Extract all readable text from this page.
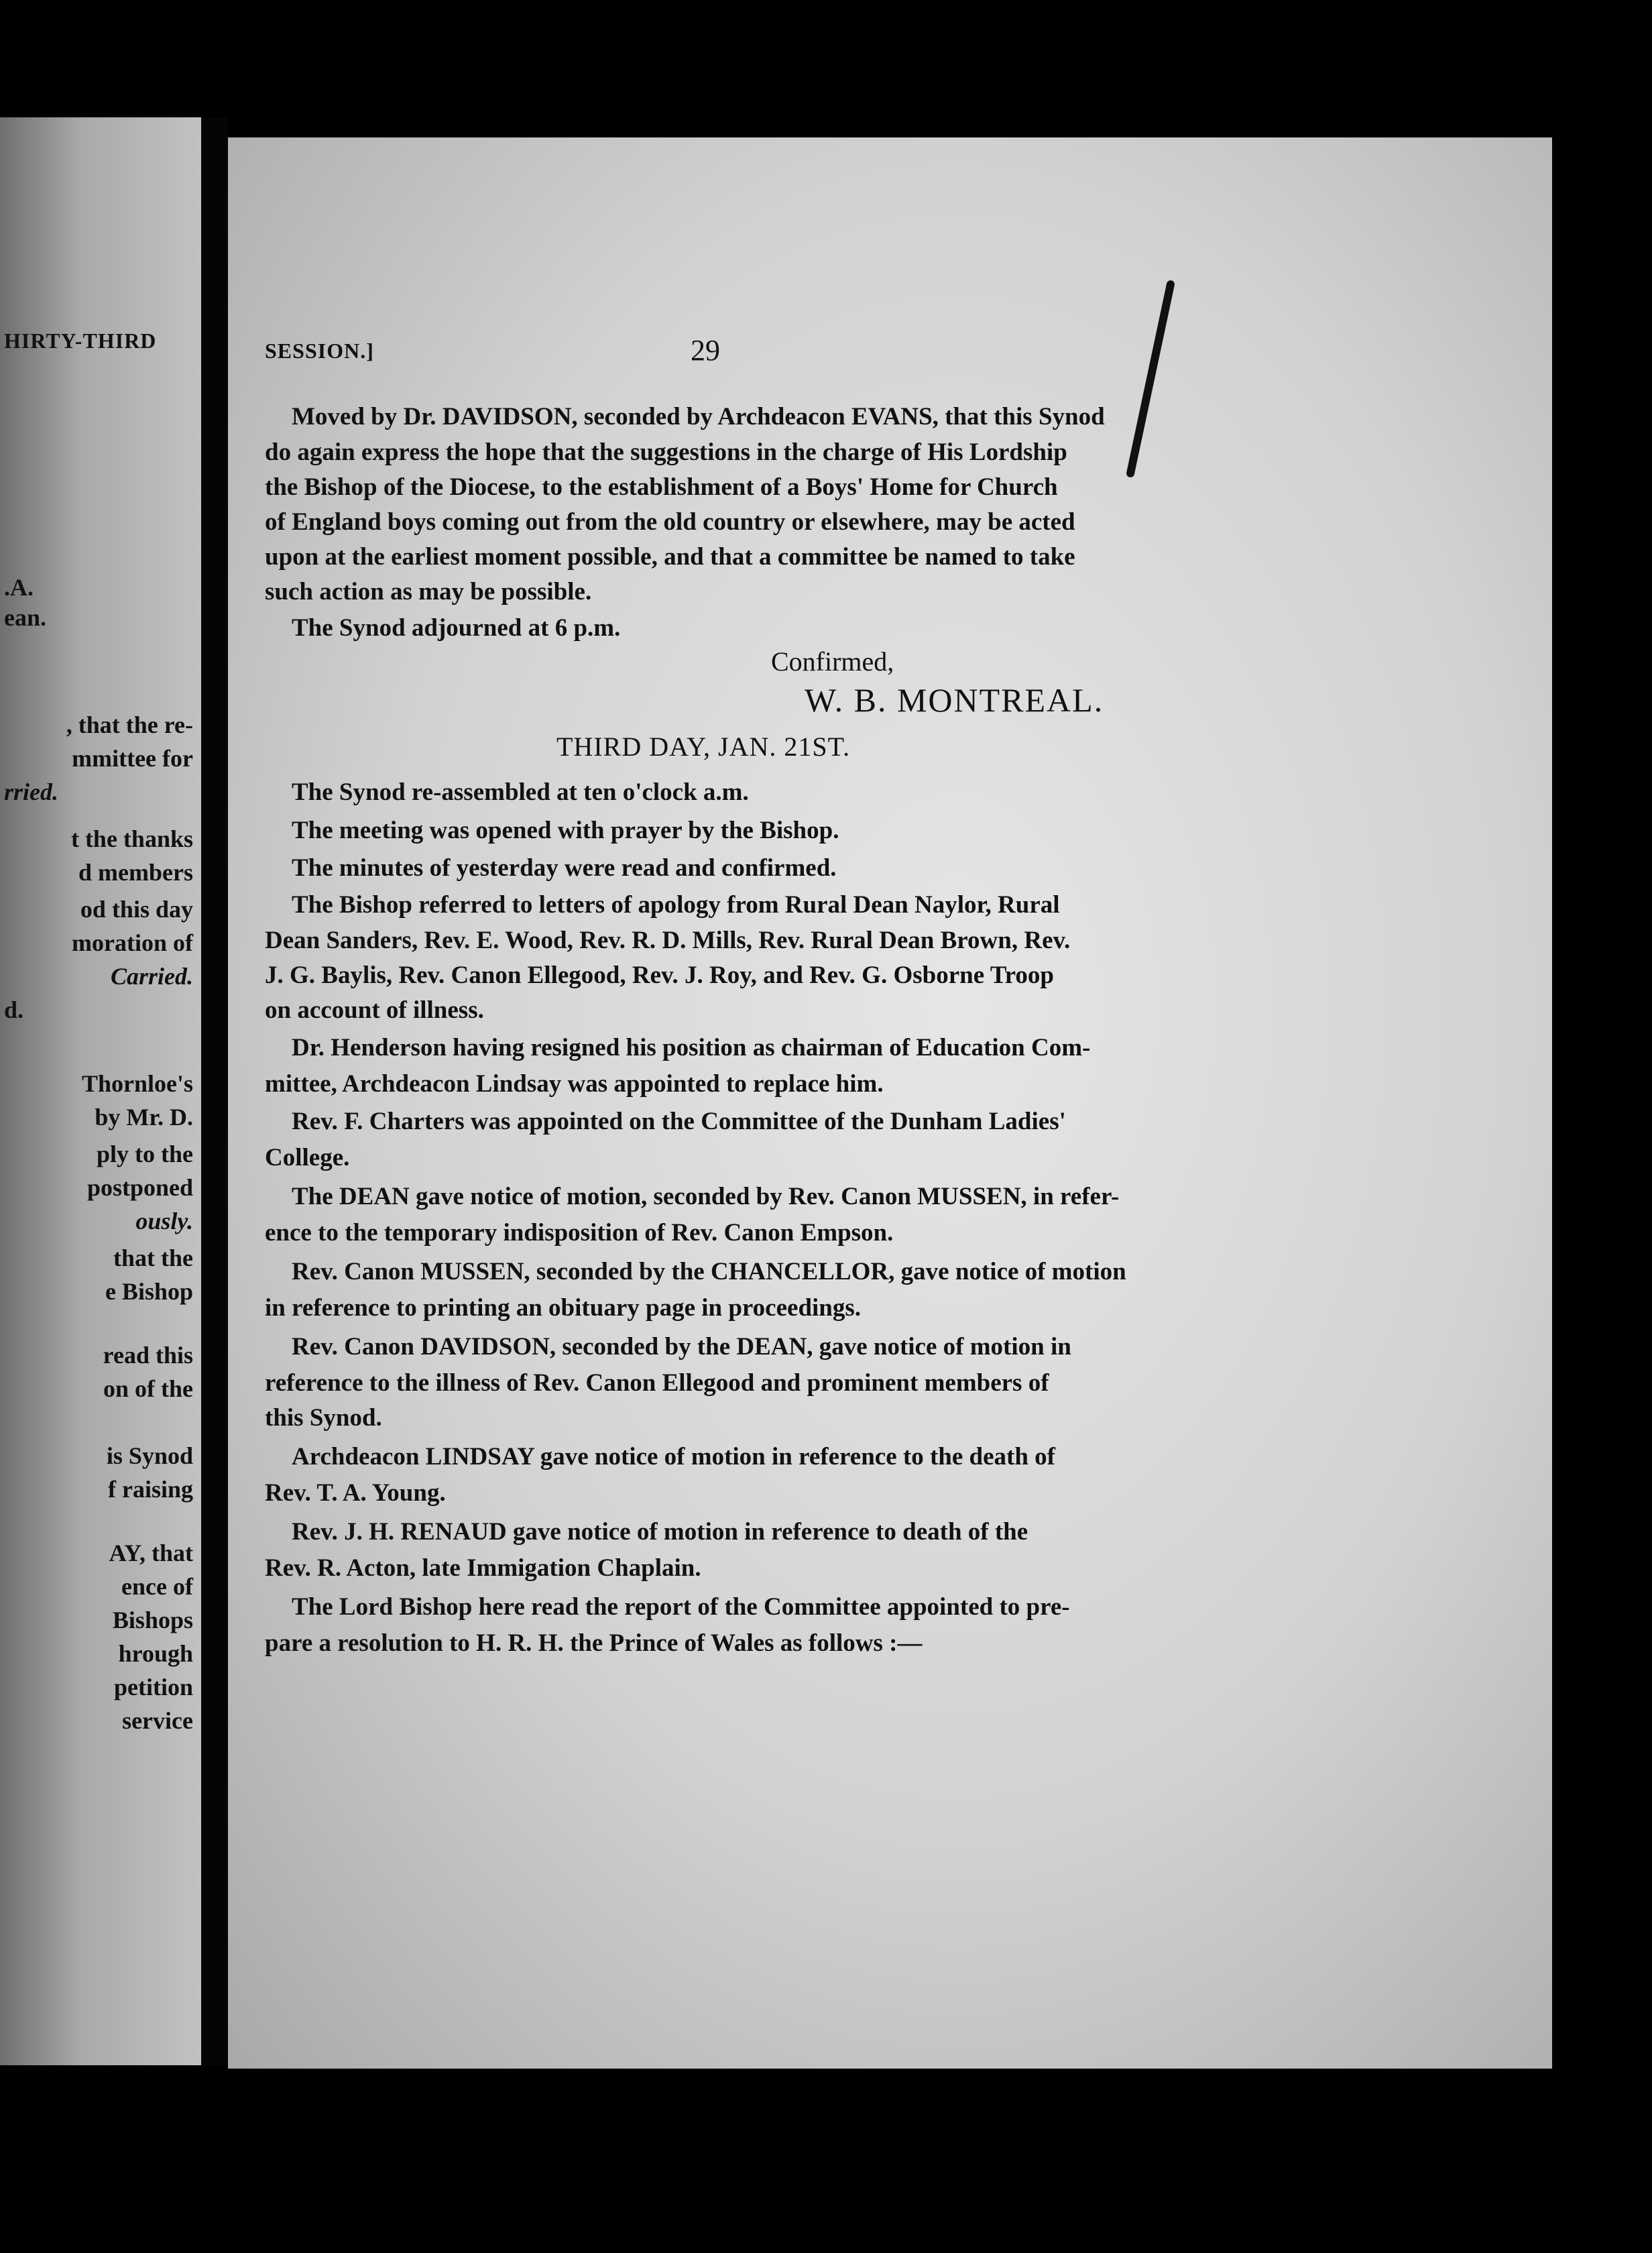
HIRTY-THIRD
.A.
ean.
, that the re-
mmittee for
rried.
t the thanks
d members
od this day
moration of
Carried.
d.
Thornloe's
by Mr. D.
ply to the
postponed
ously.
that the
e Bishop
read this
on of the
is Synod
f raising
AY, that
ence of
Bishops
hrough
petition
service
SESSION.]	29
Moved by Dr. DAVIDSON, seconded by Archdeacon EVANS, that this Synod
do again express the hope that the suggestions in the charge of His Lordship
the Bishop of the Diocese, to the establishment of a Boys' Home for Church
of England boys coming out from the old country or elsewhere, may be acted
upon at the earliest moment possible, and that a committee be named to take
such action as may be possible.
The Synod adjourned at 6 p.m.
Confirmed,
W. B. MONTREAL.
THIRD DAY, JAN. 21ST.
The Synod re-assembled at ten o'clock a.m.
The meeting was opened with prayer by the Bishop.
The minutes of yesterday were read and confirmed.
The Bishop referred to letters of apology from Rural Dean Naylor, Rural
Dean Sanders, Rev. E. Wood, Rev. R. D. Mills, Rev. Rural Dean Brown, Rev.
J. G. Baylis, Rev. Canon Ellegood, Rev. J. Roy, and Rev. G. Osborne Troop
on account of illness.
Dr. Henderson having resigned his position as chairman of Education Com-
mittee, Archdeacon Lindsay was appointed to replace him.
Rev. F. Charters was appointed on the Committee of the Dunham Ladies'
College.
The DEAN gave notice of motion, seconded by Rev. Canon MUSSEN, in refer-
ence to the temporary indisposition of Rev. Canon Empson.
Rev. Canon MUSSEN, seconded by the CHANCELLOR, gave notice of motion
in reference to printing an obituary page in proceedings.
Rev. Canon DAVIDSON, seconded by the DEAN, gave notice of motion in
reference to the illness of Rev. Canon Ellegood and prominent members of
this Synod.
Archdeacon LINDSAY gave notice of motion in reference to the death of
Rev. T. A. Young.
Rev. J. H. RENAUD gave notice of motion in reference to death of the
Rev. R. Acton, late Immigation Chaplain.
The Lord Bishop here read the report of the Committee appointed to pre-
pare a resolution to H. R. H. the Prince of Wales as follows :—
